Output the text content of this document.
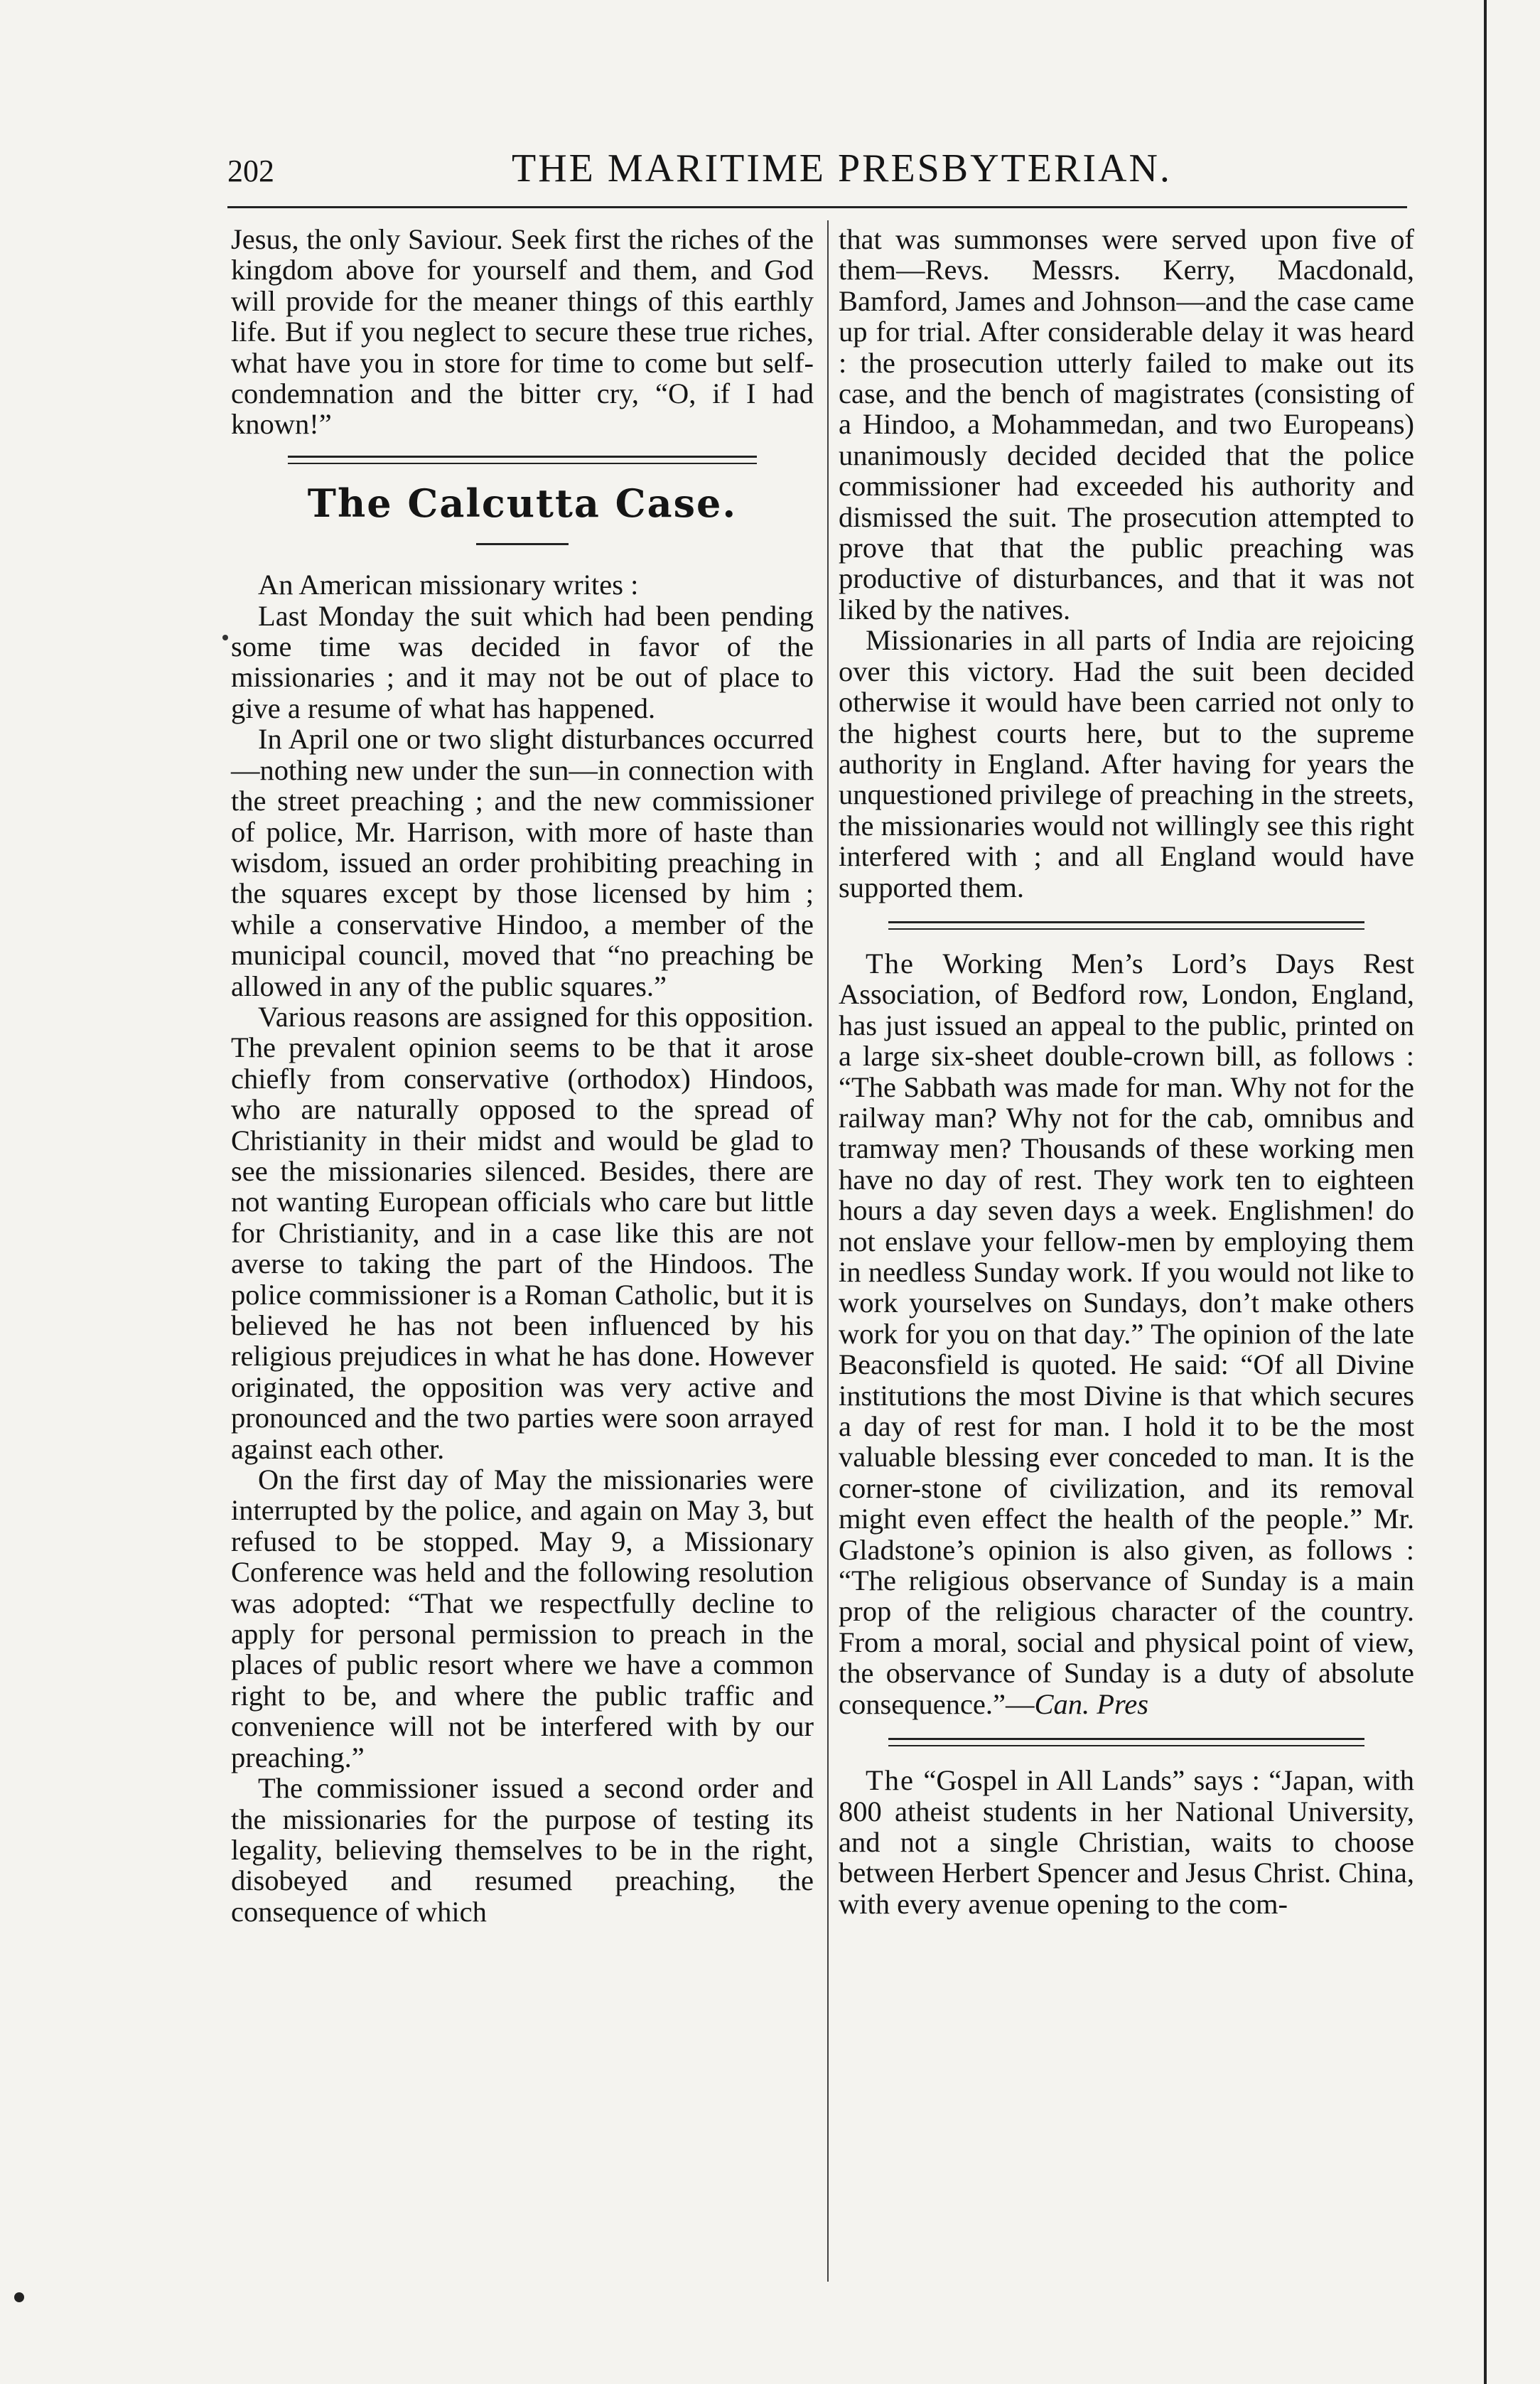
202	THE MARITIME PRESBYTERIAN.

Jesus, the only Saviour. Seek first the riches of the kingdom above for yourself and them, and God will provide for the meaner things of this earthly life. But if you neglect to secure these true riches, what have you in store for time to come but self-condemnation and the bitter cry, “O, if I had known!”

The Calcutta Case.

An American missionary writes :

Last Monday the suit which had been pending some time was decided in favor of the missionaries ; and it may not be out of place to give a resume of what has happened.

In April one or two slight disturbances occurred—nothing new under the sun—in connection with the street preaching ; and the new commissioner of police, Mr. Harrison, with more of haste than wisdom, issued an order prohibiting preaching in the squares except by those licensed by him ; while a conservative Hindoo, a member of the municipal council, moved that “no preaching be allowed in any of the public squares.”

Various reasons are assigned for this opposition. The prevalent opinion seems to be that it arose chiefly from conservative (orthodox) Hindoos, who are naturally opposed to the spread of Christianity in their midst and would be glad to see the missionaries silenced. Besides, there are not wanting European officials who care but little for Christianity, and in a case like this are not averse to taking the part of the Hindoos. The police commissioner is a Roman Catholic, but it is believed he has not been influenced by his religious prejudices in what he has done. However originated, the opposition was very active and pronounced and the two parties were soon arrayed against each other.

On the first day of May the missionaries were interrupted by the police, and again on May 3, but refused to be stopped. May 9, a Missionary Conference was held and the following resolution was adopted: “That we respectfully decline to apply for personal permission to preach in the places of public resort where we have a common right to be, and where the public traffic and convenience will not be interfered with by our preaching.”

The commissioner issued a second order and the missionaries for the purpose of testing its legality, believing themselves to be in the right, disobeyed and resumed preaching, the consequence of which

that was summonses were served upon five of them—Revs. Messrs. Kerry, Macdonald, Bamford, James and Johnson—and the case came up for trial. After considerable delay it was heard : the prosecution utterly failed to make out its case, and the bench of magistrates (consisting of a Hindoo, a Mohammedan, and two Europeans) unanimously decided decided that the police commissioner had exceeded his authority and dismissed the suit. The prosecution attempted to prove that that the public preaching was productive of disturbances, and that it was not liked by the natives.

Missionaries in all parts of India are rejoicing over this victory. Had the suit been decided otherwise it would have been carried not only to the highest courts here, but to the supreme authority in England. After having for years the unquestioned privilege of preaching in the streets, the missionaries would not willingly see this right interfered with ; and all England would have supported them.

The Working Men’s Lord’s Days Rest Association, of Bedford row, London, England, has just issued an appeal to the public, printed on a large six-sheet double-crown bill, as follows : “The Sabbath was made for man. Why not for the railway man? Why not for the cab, omnibus and tramway men? Thousands of these working men have no day of rest. They work ten to eighteen hours a day seven days a week. Englishmen! do not enslave your fellow-men by employing them in needless Sunday work. If you would not like to work yourselves on Sundays, don’t make others work for you on that day.” The opinion of the late Beaconsfield is quoted. He said: “Of all Divine institutions the most Divine is that which secures a day of rest for man. I hold it to be the most valuable blessing ever conceded to man. It is the corner-stone of civilization, and its removal might even effect the health of the people.” Mr. Gladstone’s opinion is also given, as follows : “The religious observance of Sunday is a main prop of the religious character of the country. From a moral, social and physical point of view, the observance of Sunday is a duty of absolute consequence.”—Can. Pres

The “Gospel in All Lands” says : “Japan, with 800 atheist students in her National University, and not a single Christian, waits to choose between Herbert Spencer and Jesus Christ. China, with every avenue opening to the com-
